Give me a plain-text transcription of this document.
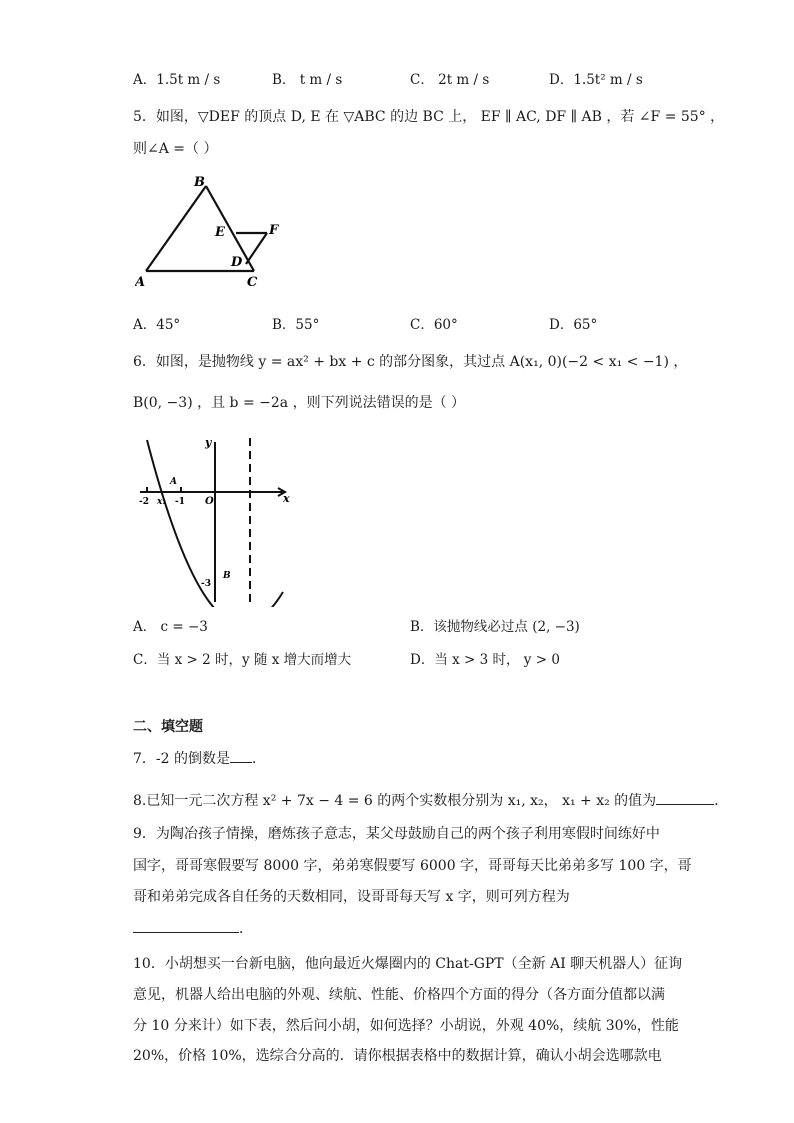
A．1.5t m / s	B． t m / s	C． 2t m / s	D．1.5t² m / s
5．如图，▽DEF 的顶点 D, E 在 ▽ABC 的边 BC 上， EF ∥ AC, DF ∥ AB ，若 ∠F = 55° ，
则∠A =（ ）
B
E	F
D
A	C
A．45°	B．55°	C．60°	D．65°
6．如图，是抛物线 y = ax² + bx + c 的部分图象，其过点 A(x₁, 0)(−2 < x₁ < −1) ，
B(0, −3) ，且 b = −2a ，则下列说法错误的是（ ）
y
x
O
A
-2 x₁ -1
-3
B
A． c = −3	B．该抛物线必过点 (2, −3)
C．当 x > 2 时，y 随 x 增大而增大	D．当 x > 3 时， y > 0
二、填空题
7．-2 的倒数是 ．
8.已知一元二次方程 x² + 7x − 4 = 6 的两个实数根分别为 x₁, x₂， x₁ + x₂ 的值为	．
9．为陶冶孩子情操，磨炼孩子意志，某父母鼓励自己的两个孩子利用寒假时间练好中
国字，哥哥寒假要写 8000 字，弟弟寒假要写 6000 字，哥哥每天比弟弟多写 100 字，哥
哥和弟弟完成各自任务的天数相同，设哥哥每天写 x 字，则可列方程为
．
10．小胡想买一台新电脑，他向最近火爆圈内的 Chat-GPT（全新 AI 聊天机器人）征询
意见，机器人给出电脑的外观、续航、性能、价格四个方面的得分（各方面分值都以满
分 10 分来计）如下表，然后问小胡，如何选择？小胡说，外观 40%，续航 30%，性能
20%，价格 10%，选综合分高的．请你根据表格中的数据计算，确认小胡会选哪款电
